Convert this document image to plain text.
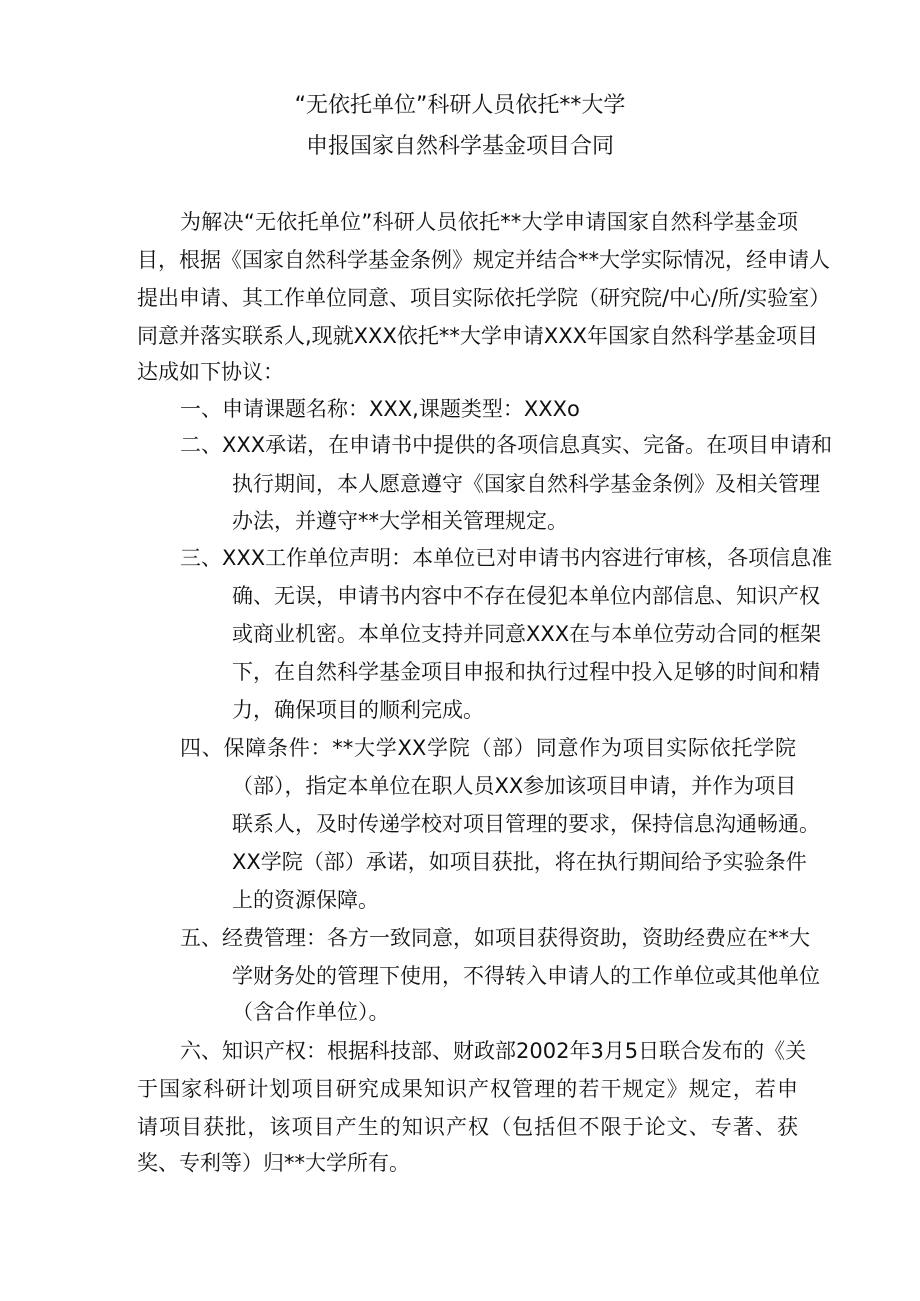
“无依托单位”科研人员依托**大学
申报国家自然科学基金项目合同
为解决“无依托单位”科研人员依托**大学申请国家自然科学基金项
目，根据《国家自然科学基金条例》规定并结合**大学实际情况，经申请人
提出申请、其工作单位同意、项目实际依托学院（研究院/中心/所/实验室）
同意并落实联系人,现就XXX依托**大学申请XXX年国家自然科学基金项目
达成如下协议：
一、申请课题名称：XXX,课题类型：XXXo
二、XXX承诺，在申请书中提供的各项信息真实、完备。在项目申请和
执行期间，本人愿意遵守《国家自然科学基金条例》及相关管理
办法，并遵守**大学相关管理规定。
三、XXX工作单位声明：本单位已对申请书内容进行审核，各项信息准
确、无误，申请书内容中不存在侵犯本单位内部信息、知识产权
或商业机密。本单位支持并同意XXX在与本单位劳动合同的框架
下，在自然科学基金项目申报和执行过程中投入足够的时间和精
力，确保项目的顺利完成。
四、保障条件：**大学XX学院（部）同意作为项目实际依托学院
（部），指定本单位在职人员XX参加该项目申请，并作为项目
联系人，及时传递学校对项目管理的要求，保持信息沟通畅通。
XX学院（部）承诺，如项目获批，将在执行期间给予实验条件
上的资源保障。
五、经费管理：各方一致同意，如项目获得资助，资助经费应在**大
学财务处的管理下使用，不得转入申请人的工作单位或其他单位
（含合作单位）。
六、知识产权：根据科技部、财政部2002年3月5日联合发布的《关
于国家科研计划项目研究成果知识产权管理的若干规定》规定，若申
请项目获批，该项目产生的知识产权（包括但不限于论文、专著、获
奖、专利等）归**大学所有。
